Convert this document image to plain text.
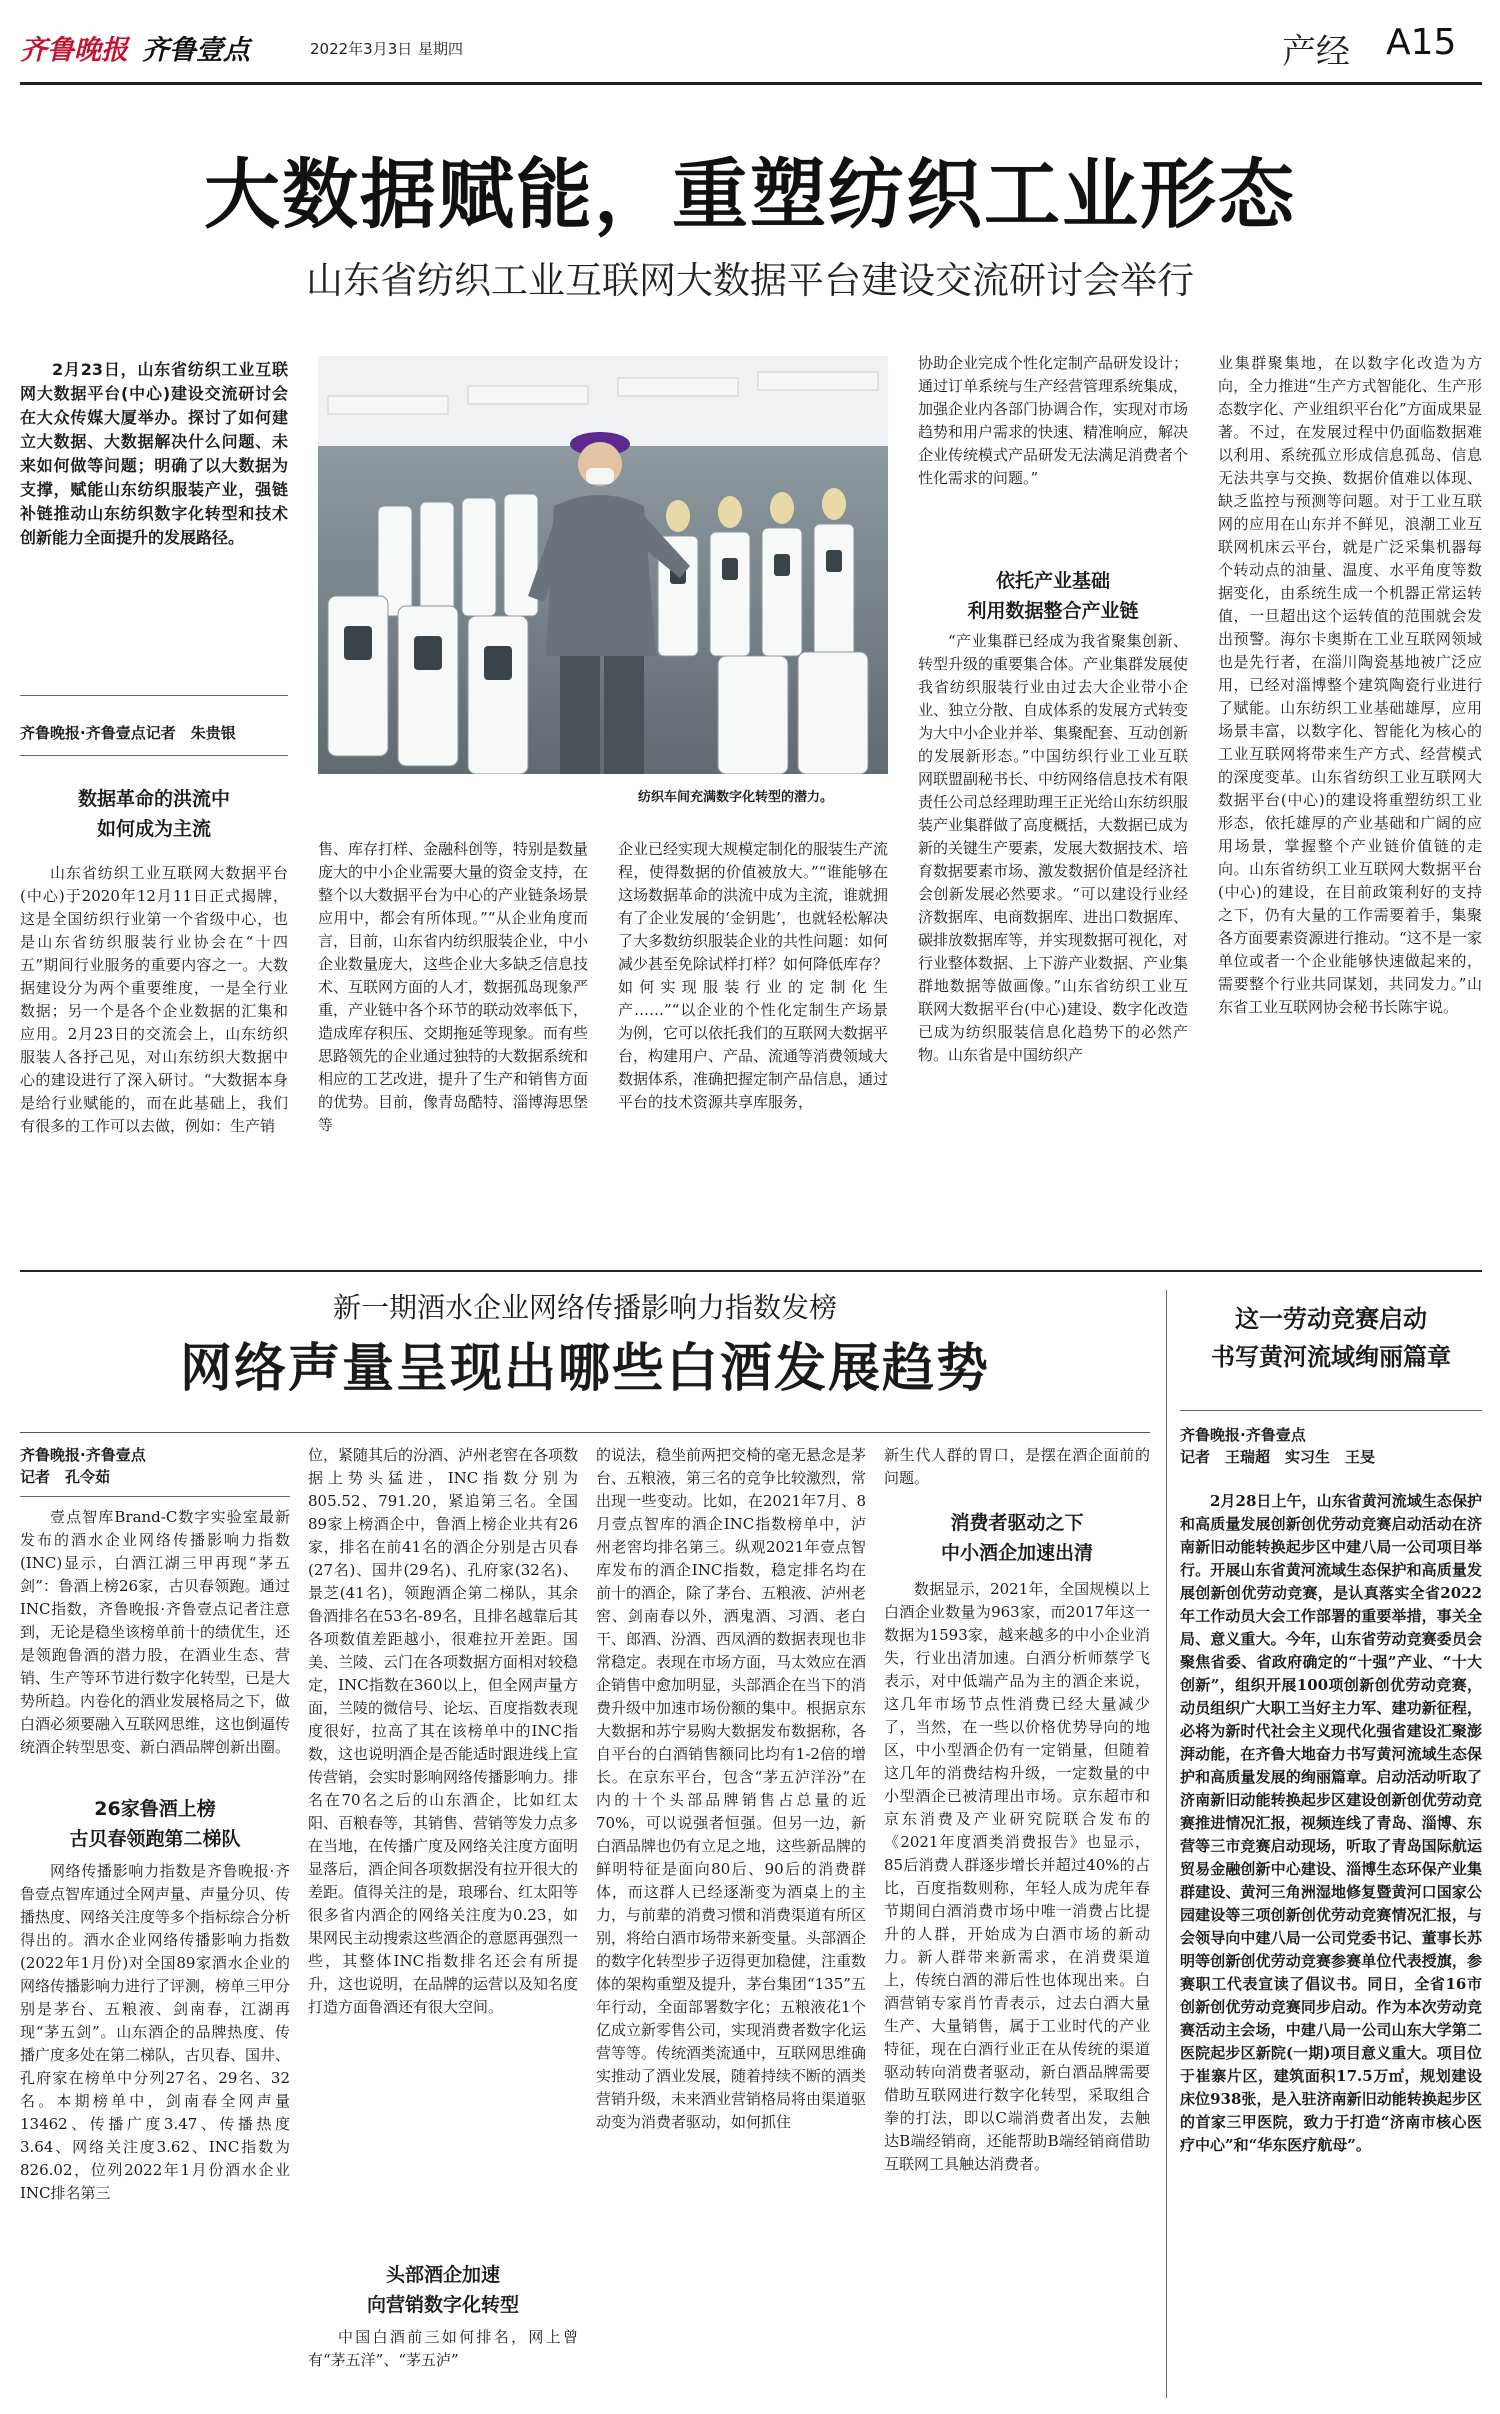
齐鲁晚报 齐鲁壹点	2022年3月3日 星期四	产经 A15
大数据赋能，重塑纺织工业形态
山东省纺织工业互联网大数据平台建设交流研讨会举行

2月23日，山东省纺织工业互联网大数据平台(中心)建设交流研讨会在大众传媒大厦举办。探讨了如何建立大数据、大数据解决什么问题、未来如何做等问题；明确了以大数据为支撑，赋能山东纺织服装产业，强链补链推动山东纺织数字化转型和技术创新能力全面提升的发展路径。

齐鲁晚报·齐鲁壹点记者　朱贵银
纺织车间充满数字化转型的潜力。
数据革命的洪流中
如何成为主流

山东省纺织工业互联网大数据平台(中心)于2020年12月11日正式揭牌，这是全国纺织行业第一个省级中心，也是山东省纺织服装行业协会在“十四五”期间行业服务的重要内容之一。大数据建设分为两个重要维度，一是全行业数据；另一个是各个企业数据的汇集和应用。2月23日的交流会上，山东纺织服装人各抒己见，对山东纺织大数据中心的建设进行了深入研讨。“大数据本身是给行业赋能的，而在此基础上，我们有很多的工作可以去做，例如：生产销

售、库存打样、金融科创等，特别是数量庞大的中小企业需要大量的资金支持，在整个以大数据平台为中心的产业链条场景应用中，都会有所体现。”“从企业角度而言，目前，山东省内纺织服装企业，中小企业数量庞大，这些企业大多缺乏信息技术、互联网方面的人才，数据孤岛现象严重，产业链中各个环节的联动效率低下，造成库存积压、交期拖延等现象。而有些思路领先的企业通过独特的大数据系统和相应的工艺改进，提升了生产和销售方面的优势。目前，像青岛酷特、淄博海思堡等

企业已经实现大规模定制化的服装生产流程，使得数据的价值被放大。”“谁能够在这场数据革命的洪流中成为主流，谁就拥有了企业发展的‘金钥匙’，也就轻松解决了大多数纺织服装企业的共性问题：如何减少甚至免除试样打样？如何降低库存？如何实现服装行业的定制化生产……”“以企业的个性化定制生产场景为例，它可以依托我们的互联网大数据平台，构建用户、产品、流通等消费领域大数据体系，准确把握定制产品信息，通过平台的技术资源共享库服务，

协助企业完成个性化定制产品研发设计；通过订单系统与生产经营管理系统集成，加强企业内各部门协调合作，实现对市场趋势和用户需求的快速、精准响应，解决企业传统模式产品研发无法满足消费者个性化需求的问题。”

依托产业基础
利用数据整合产业链

“产业集群已经成为我省聚集创新、转型升级的重要集合体。产业集群发展使我省纺织服装行业由过去大企业带小企业、独立分散、自成体系的发展方式转变为大中小企业并举、集聚配套、互动创新的发展新形态。”中国纺织行业工业互联网联盟副秘书长、中纺网络信息技术有限责任公司总经理助理王正光给山东纺织服装产业集群做了高度概括，大数据已成为新的关键生产要素，发展大数据技术、培育数据要素市场、激发数据价值是经济社会创新发展必然要求。“可以建设行业经济数据库、电商数据库、进出口数据库、碳排放数据库等，并实现数据可视化，对行业整体数据、上下游产业数据、产业集群地数据等做画像。”山东省纺织工业互联网大数据平台(中心)建设、数字化改造已成为纺织服装信息化趋势下的必然产物。山东省是中国纺织产

业集群聚集地，在以数字化改造为方向，全力推进“生产方式智能化、生产形态数字化、产业组织平台化”方面成果显著。不过，在发展过程中仍面临数据难以利用、系统孤立形成信息孤岛、信息无法共享与交换、数据价值难以体现、缺乏监控与预测等问题。对于工业互联网的应用在山东并不鲜见，浪潮工业互联网机床云平台，就是广泛采集机器每个转动点的油量、温度、水平角度等数据变化，由系统生成一个机器正常运转值，一旦超出这个运转值的范围就会发出预警。海尔卡奥斯在工业互联网领域也是先行者，在淄川陶瓷基地被广泛应用，已经对淄博整个建筑陶瓷行业进行了赋能。山东纺织工业基础雄厚，应用场景丰富，以数字化、智能化为核心的工业互联网将带来生产方式、经营模式的深度变革。山东省纺织工业互联网大数据平台(中心)的建设将重塑纺织工业形态，依托雄厚的产业基础和广阔的应用场景，掌握整个产业链价值链的走向。山东省纺织工业互联网大数据平台(中心)的建设，在目前政策利好的支持之下，仍有大量的工作需要着手，集聚各方面要素资源进行推动。“这不是一家单位或者一个企业能够快速做起来的，需要整个行业共同谋划，共同发力。”山东省工业互联网协会秘书长陈宇说。

新一期酒水企业网络传播影响力指数发榜
网络声量呈现出哪些白酒发展趋势
齐鲁晚报·齐鲁壹点
记者　孔令茹

壹点智库Brand-C数字实验室最新发布的酒水企业网络传播影响力指数(INC)显示，白酒江湖三甲再现“茅五剑”：鲁酒上榜26家，古贝春领跑。通过INC指数，齐鲁晚报·齐鲁壹点记者注意到，无论是稳坐该榜单前十的绩优生，还是领跑鲁酒的潜力股，在酒业生态、营销、生产等环节进行数字化转型，已是大势所趋。内卷化的酒业发展格局之下，做白酒必须要融入互联网思维，这也倒逼传统酒企转型思变、新白酒品牌创新出圈。

26家鲁酒上榜
古贝春领跑第二梯队

网络传播影响力指数是齐鲁晚报·齐鲁壹点智库通过全网声量、声量分贝、传播热度、网络关注度等多个指标综合分析得出的。酒水企业网络传播影响力指数(2022年1月份)对全国89家酒水企业的网络传播影响力进行了评测，榜单三甲分别是茅台、五粮液、剑南春，江湖再现“茅五剑”。山东酒企的品牌热度、传播广度多处在第二梯队，古贝春、国井、孔府家在榜单中分列27名、29名、32名。本期榜单中，剑南春全网声量13462、传播广度3.47、传播热度3.64、网络关注度3.62、INC指数为826.02，位列2022年1月份酒水企业INC排名第三

位，紧随其后的汾酒、泸州老窖在各项数据上势头猛进，INC指数分别为805.52、791.20，紧追第三名。全国89家上榜酒企中，鲁酒上榜企业共有26家，排名在前41名的酒企分别是古贝春(27名)、国井(29名)、孔府家(32名)、景芝(41名)，领跑酒企第二梯队，其余鲁酒排名在53名-89名，且排名越靠后其各项数值差距越小，很难拉开差距。国美、兰陵、云门在各项数据方面相对较稳定，INC指数在360以上，但全网声量方面，兰陵的微信号、论坛、百度指数表现度很好，拉高了其在该榜单中的INC指数，这也说明酒企是否能适时跟进线上宣传营销，会实时影响网络传播影响力。排名在70名之后的山东酒企，比如红太阳、百粮春等，其销售、营销等发力点多在当地，在传播广度及网络关注度方面明显落后，酒企间各项数据没有拉开很大的差距。值得关注的是，琅琊台、红太阳等很多省内酒企的网络关注度为0.23，如果网民主动搜索这些酒企的意愿再强烈一些，其整体INC指数排名还会有所提升，这也说明，在品牌的运营以及知名度打造方面鲁酒还有很大空间。

头部酒企加速
向营销数字化转型

中国白酒前三如何排名，网上曾有“茅五洋”、“茅五泸”

的说法，稳坐前两把交椅的毫无悬念是茅台、五粮液，第三名的竞争比较激烈，常出现一些变动。比如，在2021年7月、8月壹点智库的酒企INC指数榜单中，泸州老窖均排名第三。纵观2021年壹点智库发布的酒企INC指数，稳定排名均在前十的酒企，除了茅台、五粮液、泸州老窖、剑南春以外，洒鬼酒、习酒、老白干、郎酒、汾酒、西凤酒的数据表现也非常稳定。表现在市场方面，马太效应在酒企销售中愈加明显，头部酒企在当下的消费升级中加速市场份额的集中。根据京东大数据和苏宁易购大数据发布数据称，各自平台的白酒销售额同比均有1-2倍的增长。在京东平台，包含“茅五泸洋汾”在内的十个头部品牌销售占总量的近70%，可以说强者恒强。但另一边，新白酒品牌也仍有立足之地，这些新品牌的鲜明特征是面向80后、90后的消费群体，而这群人已经逐渐变为酒桌上的主力，与前辈的消费习惯和消费渠道有所区别，将给白酒市场带来新变量。头部酒企的数字化转型步子迈得更加稳健，注重数体的架构重塑及提升，茅台集团“135”五年行动，全面部署数字化；五粮液花1个亿成立新零售公司，实现消费者数字化运营等等。传统酒类流通中，互联网思维确实推动了酒业发展，随着持续不断的酒类营销升级，未来酒业营销格局将由渠道驱动变为消费者驱动，如何抓住

新生代人群的胃口，是摆在酒企面前的问题。

消费者驱动之下
中小酒企加速出清

数据显示，2021年，全国规模以上白酒企业数量为963家，而2017年这一数据为1593家，越来越多的中小企业消失，行业出清加速。白酒分析师蔡学飞表示，对中低端产品为主的酒企来说，这几年市场节点性消费已经大量减少了，当然，在一些以价格优势导向的地区，中小型酒企仍有一定销量，但随着这几年的消费结构升级，一定数量的中小型酒企已被清理出市场。京东超市和京东消费及产业研究院联合发布的《2021年度酒类消费报告》也显示，85后消费人群逐步增长并超过40%的占比，百度指数则称，年轻人成为虎年春节期间白酒消费市场中唯一消费占比提升的人群，开始成为白酒市场的新动力。新人群带来新需求，在消费渠道上，传统白酒的滞后性也体现出来。白酒营销专家肖竹青表示，过去白酒大量生产、大量销售，属于工业时代的产业特征，现在白酒行业正在从传统的渠道驱动转向消费者驱动，新白酒品牌需要借助互联网进行数字化转型，采取组合拳的打法，即以C端消费者出发，去触达B端经销商，还能帮助B端经销商借助互联网工具触达消费者。

这一劳动竞赛启动
书写黄河流域绚丽篇章
齐鲁晚报·齐鲁壹点
记者　王瑞超　实习生　王旻

2月28日上午，山东省黄河流域生态保护和高质量发展创新创优劳动竞赛启动活动在济南新旧动能转换起步区中建八局一公司项目举行。开展山东省黄河流域生态保护和高质量发展创新创优劳动竞赛，是认真落实全省2022年工作动员大会工作部署的重要举措，事关全局、意义重大。今年，山东省劳动竞赛委员会聚焦省委、省政府确定的“十强”产业、“十大创新”，组织开展100项创新创优劳动竞赛，动员组织广大职工当好主力军、建功新征程，必将为新时代社会主义现代化强省建设汇聚澎湃动能，在齐鲁大地奋力书写黄河流域生态保护和高质量发展的绚丽篇章。启动活动听取了济南新旧动能转换起步区建设创新创优劳动竞赛推进情况汇报，视频连线了青岛、淄博、东营等三市竞赛启动现场，听取了青岛国际航运贸易金融创新中心建设、淄博生态环保产业集群建设、黄河三角洲湿地修复暨黄河口国家公园建设等三项创新创优劳动竞赛情况汇报，与会领导向中建八局一公司党委书记、董事长苏明等创新创优劳动竞赛参赛单位代表授旗，参赛职工代表宣读了倡议书。同日，全省16市创新创优劳动竞赛同步启动。作为本次劳动竞赛活动主会场，中建八局一公司山东大学第二医院起步区新院(一期)项目意义重大。项目位于崔寨片区，建筑面积17.5万㎡，规划建设床位938张，是入驻济南新旧动能转换起步区的首家三甲医院，致力于打造“济南市核心医疗中心”和“华东医疗航母”。
